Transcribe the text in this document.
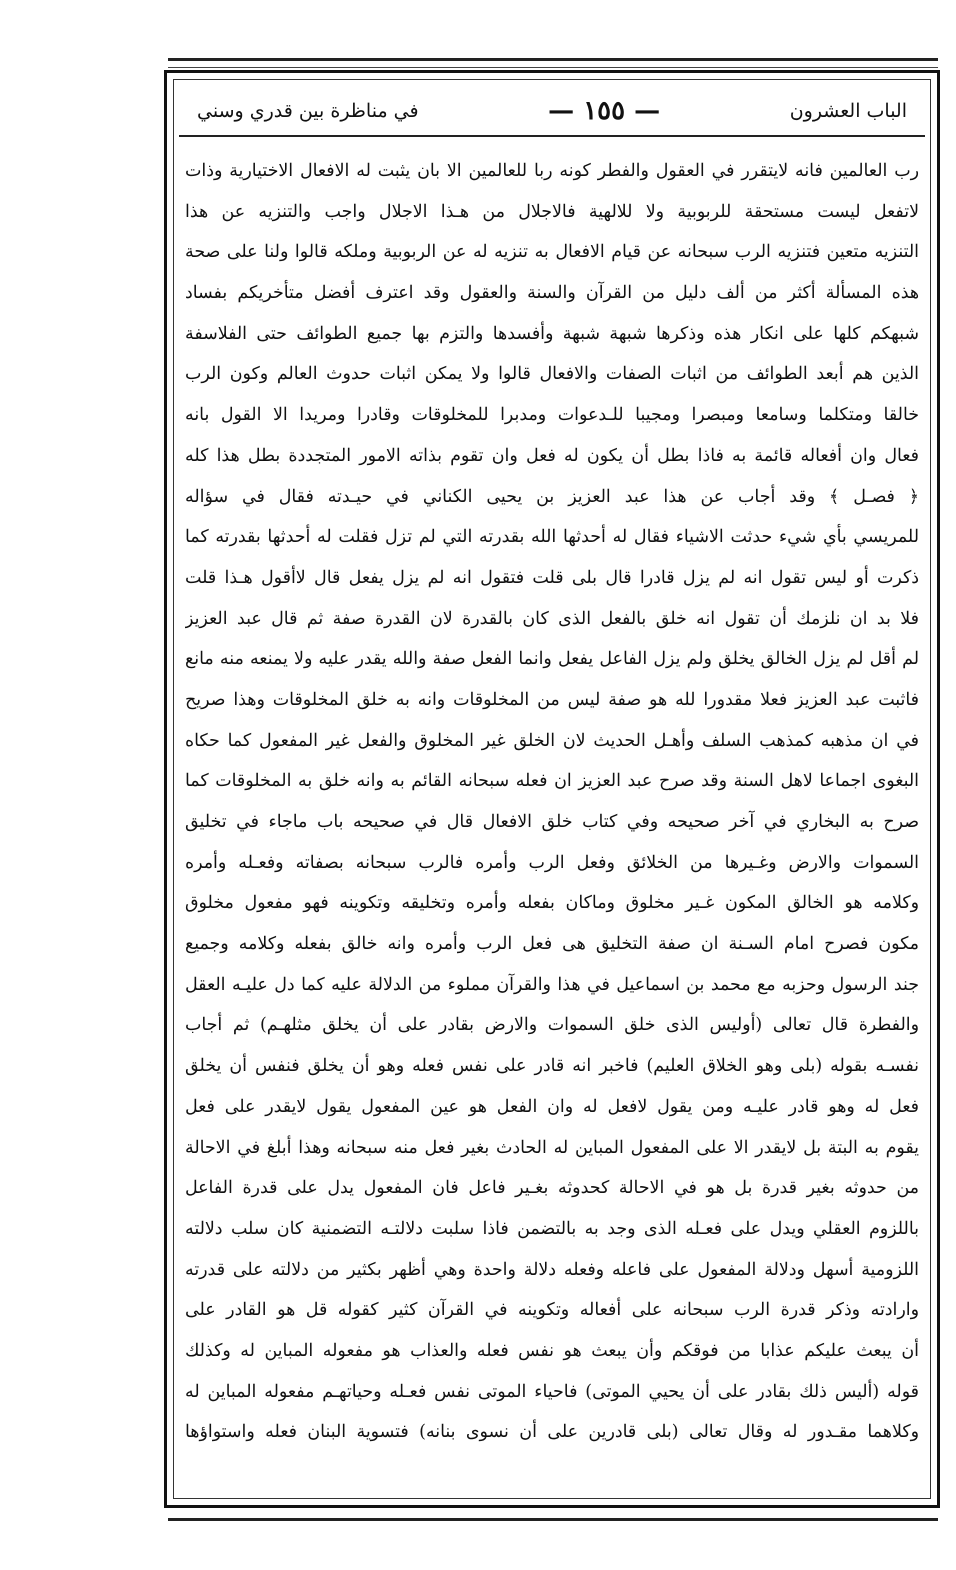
الباب العشرون
— ١٥٥ —
في مناظرة بين قدري وسني
رب العالمين فانه لايتقرر في العقول والفطر كونه ربا للعالمين الا بان يثبت له الافعال الاختيارية وذات
لاتفعل ليست مستحقة للربوبية ولا للالهية فالاجلال من هـذا الاجلال واجب والتنزيه عن هذا
التنزيه متعين فتنزيه الرب سبحانه عن قيام الافعال به تنزيه له عن الربوبية وملكه قالوا ولنا على صحة
هذه المسألة أكثر من ألف دليل من القرآن والسنة والعقول وقد اعترف أفضل متأخريكم بفساد
شبهكم كلها على انكار هذه وذكرها شبهة شبهة وأفسدها والتزم بها جميع الطوائف حتى الفلاسفة
الذين هم أبعد الطوائف من اثبات الصفات والافعال قالوا ولا يمكن اثبات حدوث العالم وكون الرب
خالقا ومتكلما وسامعا ومبصرا ومجيبا للـدعوات ومدبرا للمخلوقات وقادرا ومريدا الا القول بانه
فعال وان أفعاله قائمة به فاذا بطل أن يكون له فعل وان تقوم بذاته الامور المتجددة بطل هذا كله
﴿ فصـل ﴾ وقد أجاب عن هذا عبد العزيز بن يحيى الكناني في حيـدته فقال في سؤاله
للمريسي بأي شيء حدثت الاشياء فقال له أحدثها الله بقدرته التي لم تزل فقلت له أحدثها بقدرته كما
ذكرت أو ليس تقول انه لم يزل قادرا قال بلى قلت فتقول انه لم يزل يفعل قال لاأقول هـذا قلت
فلا بد ان نلزمك أن تقول انه خلق بالفعل الذى كان بالقدرة لان القدرة صفة ثم قال عبد العزيز
لم أقل لم يزل الخالق يخلق ولم يزل الفاعل يفعل وانما الفعل صفة والله يقدر عليه ولا يمنعه منه مانع
فاثبت عبد العزيز فعلا مقدورا لله هو صفة ليس من المخلوقات وانه به خلق المخلوقات وهذا صريح
في ان مذهبه كمذهب السلف وأهـل الحديث لان الخلق غير المخلوق والفعل غير المفعول كما حكاه
البغوى اجماعا لاهل السنة وقد صرح عبد العزيز ان فعله سبحانه القائم به وانه خلق به المخلوقات كما
صرح به البخاري في آخر صحيحه وفي كتاب خلق الافعال قال في صحيحه باب ماجاء في تخليق
السموات والارض وغـيرها من الخلائق وفعل الرب وأمره فالرب سبحانه بصفاته وفعـله وأمره
وكلامه هو الخالق المكون غـير مخلوق وماكان بفعله وأمره وتخليقه وتكوينه فهو مفعول مخلوق
مكون فصرح امام السـنة ان صفة التخليق هى فعل الرب وأمره وانه خالق بفعله وكلامه وجميع
جند الرسول وحزبه مع محمد بن اسماعيل في هذا والقرآن مملوء من الدلالة عليه كما دل عليـه العقل
والفطرة قال تعالى (أوليس الذى خلق السموات والارض بقادر على أن يخلق مثلهـم) ثم أجاب
نفسـه بقوله (بلى وهو الخلاق العليم) فاخبر انه قادر على نفس فعله وهو أن يخلق فنفس أن يخلق
فعل له وهو قادر عليـه ومن يقول لافعل له وان الفعل هو عين المفعول يقول لايقدر على فعل
يقوم به البتة بل لايقدر الا على المفعول المباين له الحادث بغير فعل منه سبحانه وهذا أبلغ في الاحالة
من حدوثه بغير قدرة بل هو في الاحالة كحدوثه بغـير فاعل فان المفعول يدل على قدرة الفاعل
باللزوم العقلي ويدل على فعـله الذى وجد به بالتضمن فاذا سلبت دلالتـه التضمنية كان سلب دلالته
اللزومية أسهل ودلالة المفعول على فاعله وفعله دلالة واحدة وهي أظهر بكثير من دلالته على قدرته
وارادته وذكر قدرة الرب سبحانه على أفعاله وتكوينه في القرآن كثير كقوله قل هو القادر على
أن يبعث عليكم عذابا من فوقكم وأن يبعث هو نفس فعله والعذاب هو مفعوله المباين له وكذلك
قوله (أليس ذلك بقادر على أن يحيي الموتى) فاحياء الموتى نفس فعـله وحياتهـم مفعوله المباين له
وكلاهما مقـدور له وقال تعالى (بلى قادرين على أن نسوى بنانه) فتسوية البنان فعله واستواؤها
